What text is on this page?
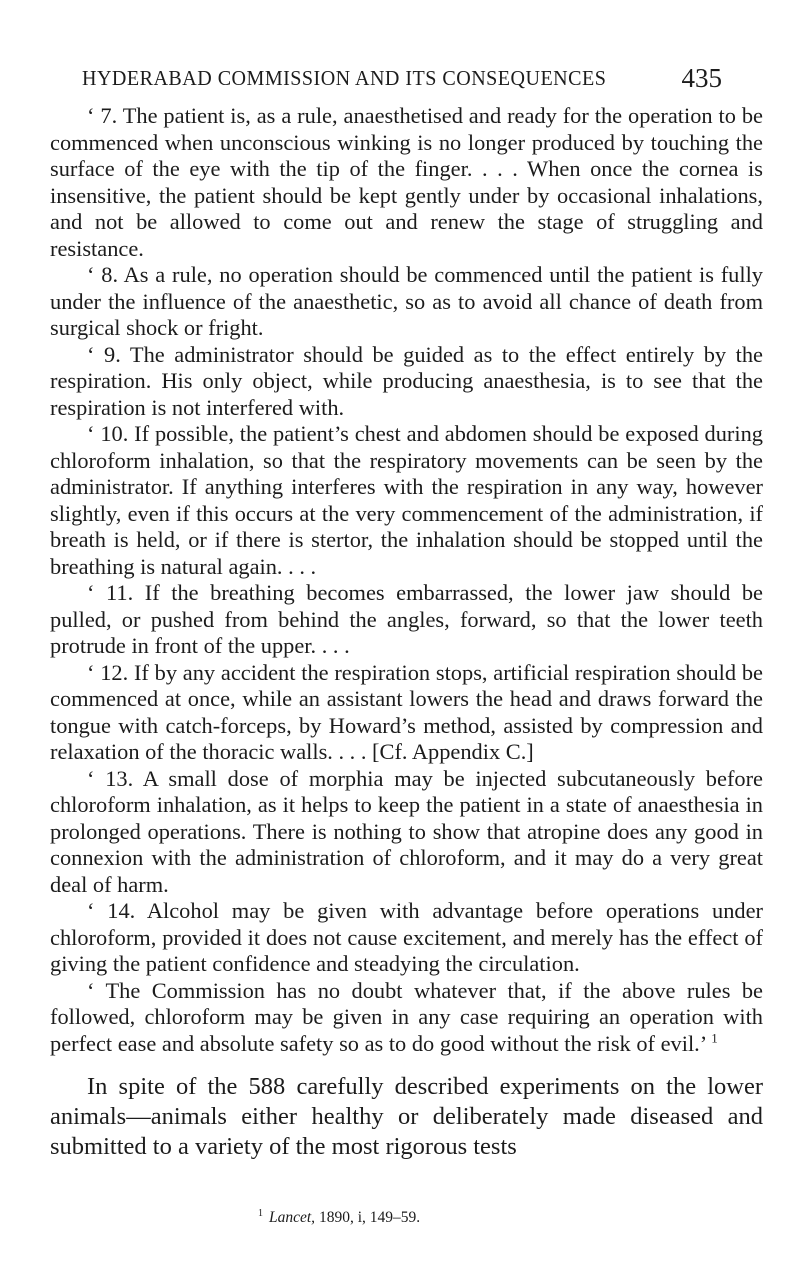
HYDERABAD COMMISSION AND ITS CONSEQUENCES	435

‘ 7. The patient is, as a rule, anaesthetised and ready for the operation to be commenced when unconscious winking is no longer produced by touching the surface of the eye with the tip of the finger. . . . When once the cornea is insensitive, the patient should be kept gently under by occasional inhalations, and not be allowed to come out and renew the stage of struggling and resistance.

‘ 8. As a rule, no operation should be commenced until the patient is fully under the influence of the anaesthetic, so as to avoid all chance of death from surgical shock or fright.

‘ 9. The administrator should be guided as to the effect entirely by the respiration. His only object, while producing anaesthesia, is to see that the respiration is not interfered with.

‘ 10. If possible, the patient’s chest and abdomen should be exposed during chloroform inhalation, so that the respiratory movements can be seen by the administrator. If anything interferes with the respiration in any way, however slightly, even if this occurs at the very commencement of the administration, if breath is held, or if there is stertor, the inhalation should be stopped until the breathing is natural again. . . .

‘ 11. If the breathing becomes embarrassed, the lower jaw should be pulled, or pushed from behind the angles, forward, so that the lower teeth protrude in front of the upper. . . .

‘ 12. If by any accident the respiration stops, artificial respiration should be commenced at once, while an assistant lowers the head and draws forward the tongue with catch-forceps, by Howard’s method, assisted by compression and relaxation of the thoracic walls. . . . [Cf. Appendix C.]

‘ 13. A small dose of morphia may be injected subcutaneously before chloroform inhalation, as it helps to keep the patient in a state of anaesthesia in prolonged operations. There is nothing to show that atropine does any good in connexion with the administration of chloroform, and it may do a very great deal of harm.

‘ 14. Alcohol may be given with advantage before operations under chloroform, provided it does not cause excitement, and merely has the effect of giving the patient confidence and steadying the circulation.

‘ The Commission has no doubt whatever that, if the above rules be followed, chloroform may be given in any case requiring an operation with perfect ease and absolute safety so as to do good without the risk of evil.’ $^1$

In spite of the 588 carefully described experiments on the lower animals—animals either healthy or deliberately made diseased and submitted to a variety of the most rigorous tests

$^1$ Lancet, 1890, i, 149–59.
